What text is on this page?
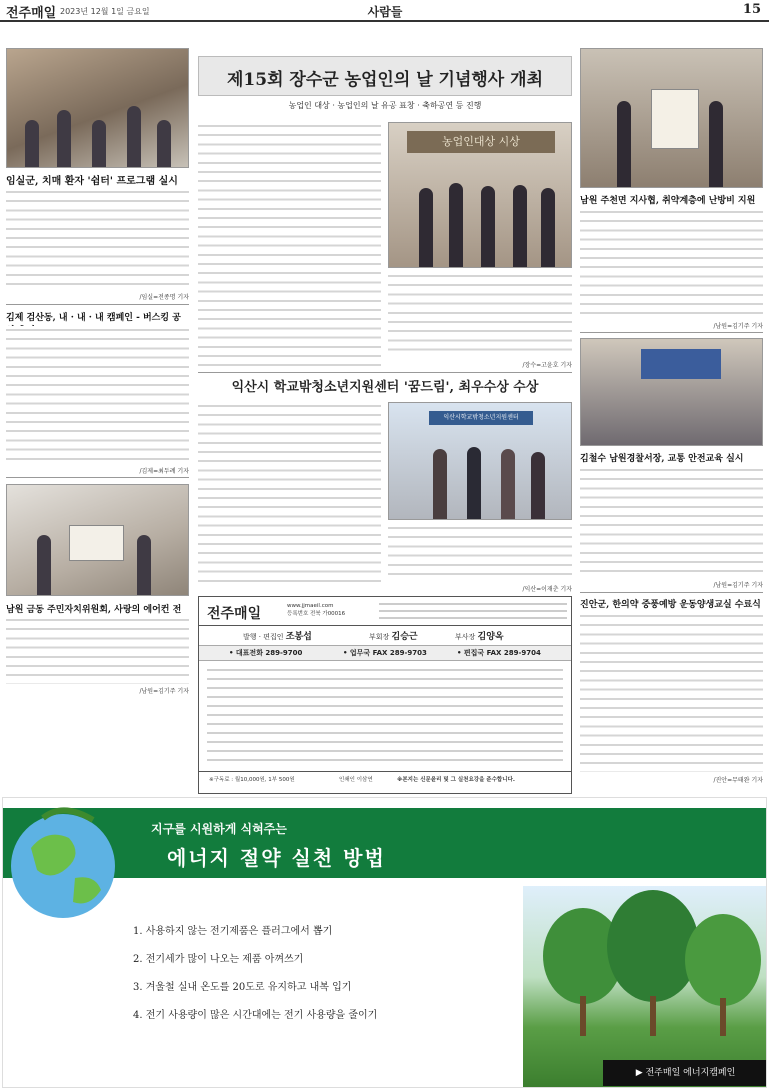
전주매일 2023년 12월 1일 금요일	사람들	15
임실군, 치매 환자 '쉼터' 프로그램 실시
/임실=전종명 기자
김제 검산동, 내 · 내 · 내 캠페인 - 버스킹 공
/김제=최두례 기자
남원 금동 주민자치위원회, 사랑의 에어컨 전
/남원=김기주 기자
제15회 장수군 농업인의 날 기념행사 개최
농업인 대상 · 농업인의 날 유공 표창 · 축하공연 등 진행
농업인대상 시상
/장수=고윤호 기자
익산시 학교밖청소년지원센터 '꿈드림', 최우수상 수상
익산시학교밖청소년지원센터
/익산=이재춘 기자
전주매일	www.jjmaeil.com
등록번호 전북 가00016
발행 · 편집인 조봉섭	부회장 김승근	부사장 김양옥
• 대표전화 289-9700	• 업무국 FAX 289-9703	• 편집국 FAX 289-9704
※구독료 : 월10,000원, 1부 500원	인쇄인 이삼연	※본지는 신문윤리 및 그 실천요강을 준수합니다.
남원 주천면 지사협, 취약계층에 난방비 지원
/남원=김기주 기자
김철수 남원경찰서장, 교통 안전교육 실시
/남원=김기주 기자
진안군, 한의약 중풍예방 운동양생교실 수료식
/진안=무태완 기자
지구를 시원하게 식혀주는
에너지 절약 실천 방법
1. 사용하지 않는 전기제품은 플러그에서 뽑기
2. 전기세가 많이 나오는 제품 아껴쓰기
3. 겨울철 실내 온도를 20도로 유지하고 내복 입기
4. 전기 사용량이 많은 시간대에는 전기 사용량을 줄이기
▶ 전주매일 에너지캠페인
